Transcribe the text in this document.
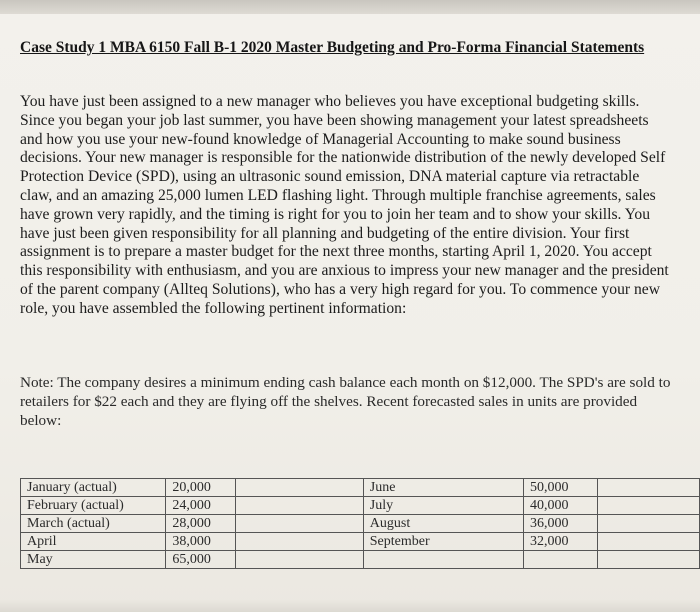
Case Study 1 MBA 6150 Fall B-1 2020 Master Budgeting and Pro-Forma Financial Statements
You have just been assigned to a new manager who believes you have exceptional budgeting skills. Since you began your job last summer, you have been showing management your latest spreadsheets and how you use your new-found knowledge of Managerial Accounting to make sound business decisions. Your new manager is responsible for the nationwide distribution of the newly developed Self Protection Device (SPD), using an ultrasonic sound emission, DNA material capture via retractable claw, and an amazing 25,000 lumen LED flashing light. Through multiple franchise agreements, sales have grown very rapidly, and the timing is right for you to join her team and to show your skills. You have just been given responsibility for all planning and budgeting of the entire division. Your first assignment is to prepare a master budget for the next three months, starting April 1, 2020. You accept this responsibility with enthusiasm, and you are anxious to impress your new manager and the president of the parent company (Allteq Solutions), who has a very high regard for you. To commence your new role, you have assembled the following pertinent information:
Note: The company desires a minimum ending cash balance each month on $12,000. The SPD's are sold to retailers for $22 each and they are flying off the shelves. Recent forecasted sales in units are provided below:
January (actual)	20,000		June	50,000	
February (actual)	24,000		July	40,000	
March (actual)	28,000		August	36,000	
April	38,000		September	32,000	
May	65,000				
